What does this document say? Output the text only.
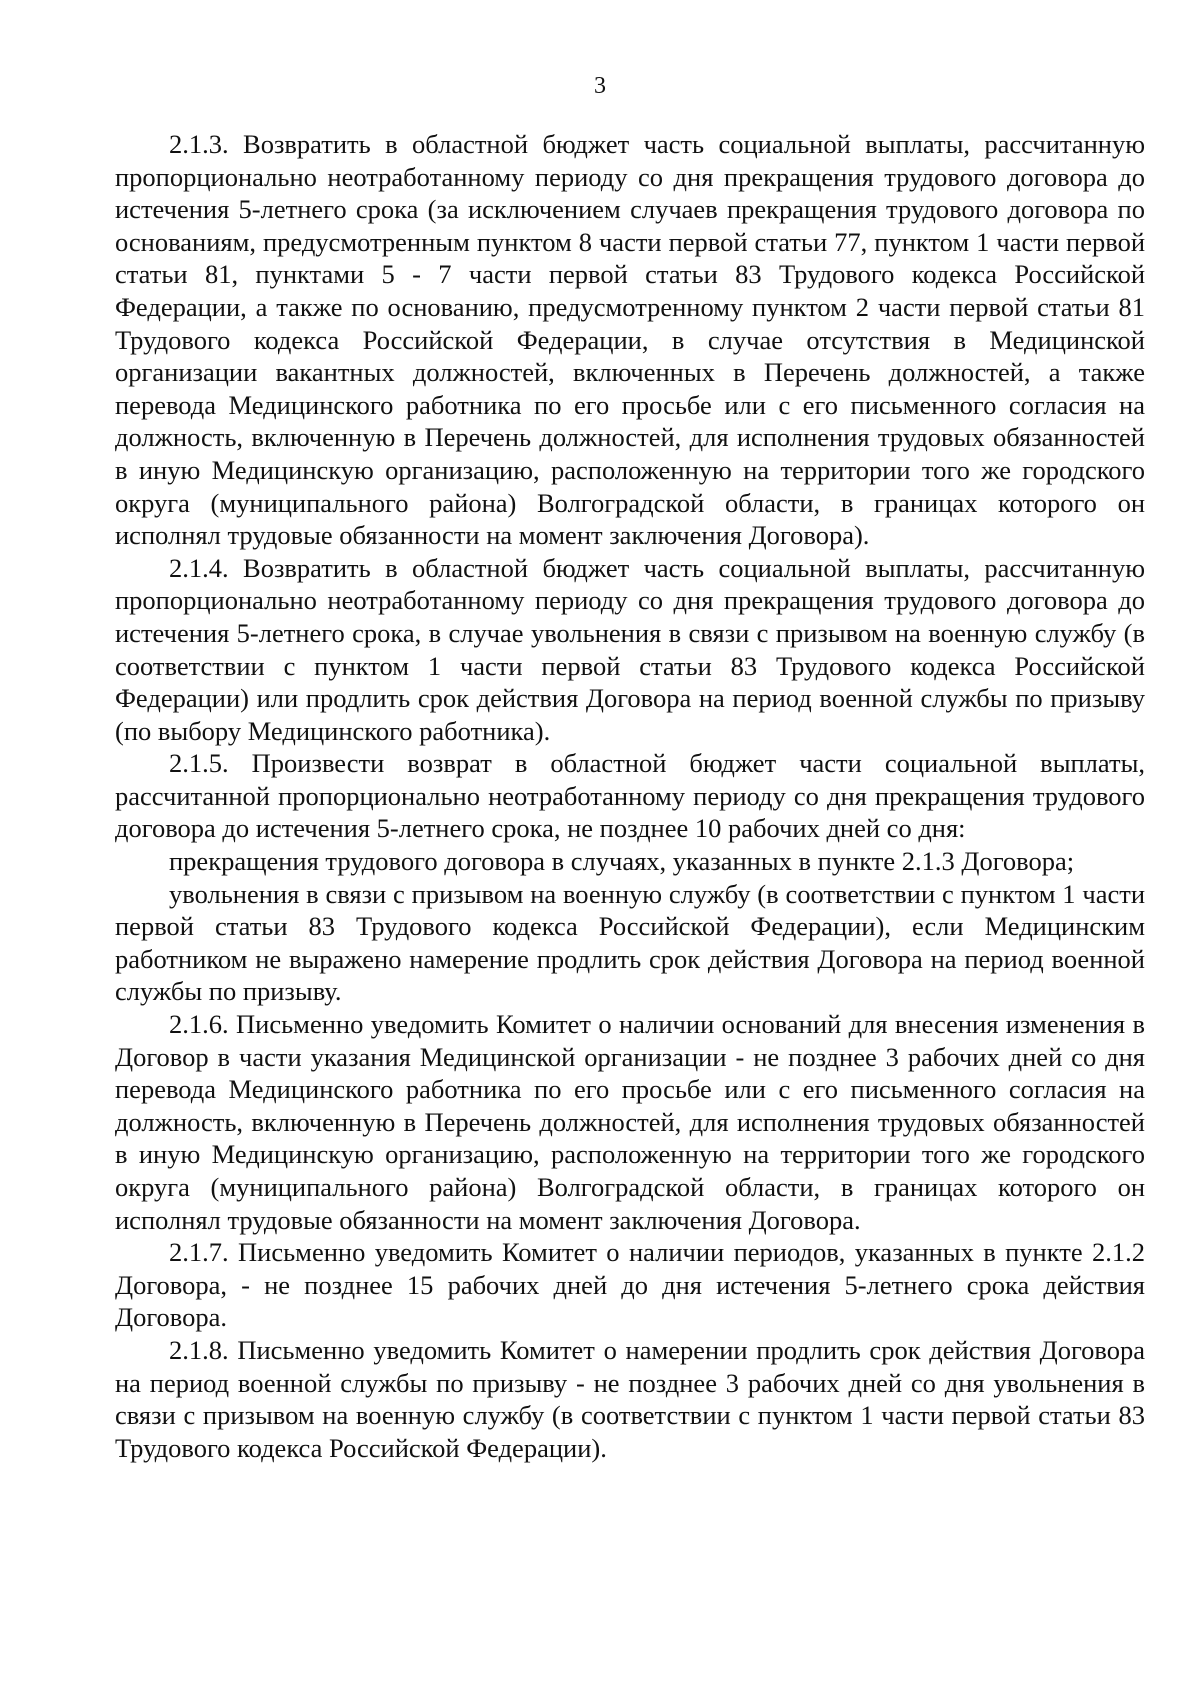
3

2.1.3. Возвратить в областной бюджет часть социальной выплаты, рассчитанную пропорционально неотработанному периоду со дня прекращения трудового договора до истечения 5-летнего срока (за исключением случаев прекращения трудового договора по основаниям, предусмотренным пунктом 8 части первой статьи 77, пунктом 1 части первой статьи 81, пунктами 5 - 7 части первой статьи 83 Трудового кодекса Российской Федерации, а также по основанию, предусмотренному пунктом 2 части первой статьи 81 Трудового кодекса Российской Федерации, в случае отсутствия в Медицинской организации вакантных должностей, включенных в Перечень должностей, а также перевода Медицинского работника по его просьбе или с его письменного согласия на должность, включенную в Перечень должностей, для исполнения трудовых обязанностей в иную Медицинскую организацию, расположенную на территории того же городского округа (муниципального района) Волгоградской области, в границах которого он исполнял трудовые обязанности на момент заключения Договора).

2.1.4. Возвратить в областной бюджет часть социальной выплаты, рассчитанную пропорционально неотработанному периоду со дня прекращения трудового договора до истечения 5-летнего срока, в случае увольнения в связи с призывом на военную службу (в соответствии с пунктом 1 части первой статьи 83 Трудового кодекса Российской Федерации) или продлить срок действия Договора на период военной службы по призыву (по выбору Медицинского работника).

2.1.5. Произвести возврат в областной бюджет части социальной выплаты, рассчитанной пропорционально неотработанному периоду со дня прекращения трудового договора до истечения 5-летнего срока, не позднее 10 рабочих дней со дня:

прекращения трудового договора в случаях, указанных в пункте 2.1.3 Договора;

увольнения в связи с призывом на военную службу (в соответствии с пунктом 1 части первой статьи 83 Трудового кодекса Российской Федерации), если Медицинским работником не выражено намерение продлить срок действия Договора на период военной службы по призыву.

2.1.6. Письменно уведомить Комитет о наличии оснований для внесения изменения в Договор в части указания Медицинской организации - не позднее 3 рабочих дней со дня перевода Медицинского работника по его просьбе или с его письменного согласия на должность, включенную в Перечень должностей, для исполнения трудовых обязанностей в иную Медицинскую организацию, расположенную на территории того же городского округа (муниципального района) Волгоградской области, в границах которого он исполнял трудовые обязанности на момент заключения Договора.

2.1.7. Письменно уведомить Комитет о наличии периодов, указанных в пункте 2.1.2 Договора, - не позднее 15 рабочих дней до дня истечения 5-летнего срока действия Договора.

2.1.8. Письменно уведомить Комитет о намерении продлить срок действия Договора на период военной службы по призыву - не позднее 3 рабочих дней со дня увольнения в связи с призывом на военную службу (в соответствии с пунктом 1 части первой статьи 83 Трудового кодекса Российской Федерации).
